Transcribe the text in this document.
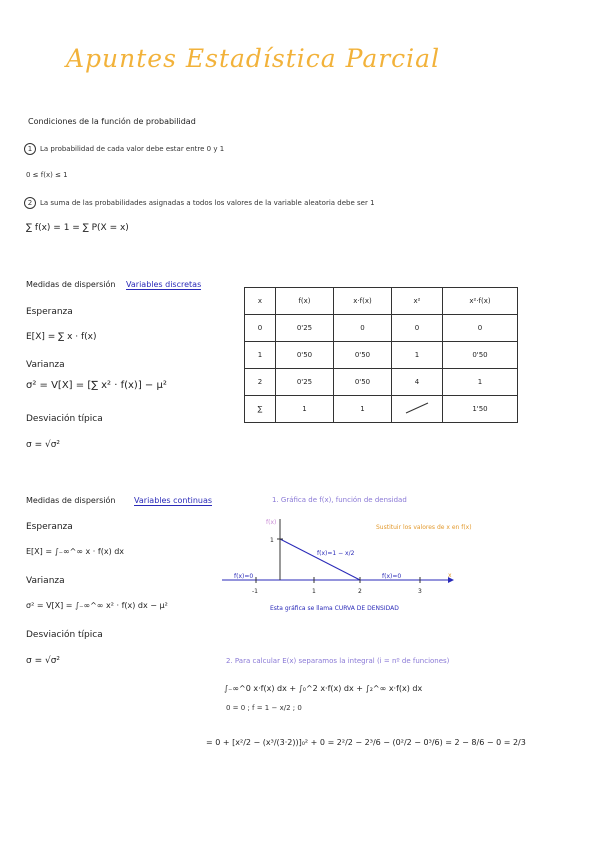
Apuntes Estadística Parcial
Condiciones de la función de probabilidad
1 La probabilidad de cada valor debe estar entre 0 y 1
0 ≤ f(x) ≤ 1
2 La suma de las probabilidades asignadas a todos los valores de la variable aleatoria debe ser 1
∑ f(x) = 1 = ∑ P(X = x)
Medidas de dispersión Variables discretas
Esperanza
E[X] = ∑ x · f(x)
Varianza
σ² = V[X] = [∑ x² · f(x)] − μ²
Desviación típica
σ = √σ²
x	f(x)	x·f(x)	x²	x²·f(x)
0	0'25	0	0	0
1	0'50	0'50	1	0'50
2	0'25	0'50	4	1
∑	1	1		1'50
Medidas de dispersión Variables continuas	1. Gráfica de f(x), función de densidad
Sustituir los valores de x en f(x)
Esperanza
E[X] = ∫₋∞^∞ x · f(x) dx
Varianza
σ² = V[X] = ∫₋∞^∞ x² · f(x) dx − μ²
Desviación típica
σ = √σ²
f(x)
x
1
-1	1	2	3
f(x)=0
f(x)=1 − x/2
f(x)=0
Esta gráfica se llama CURVA DE DENSIDAD
2. Para calcular E(x) separamos la integral (i = nº de funciones)
∫₋∞^0 x·f(x) dx + ∫₀^2 x·f(x) dx + ∫₂^∞ x·f(x) dx
0 = 0 ; f = 1 − x/2 ; 0
= 0 + [x²/2 − (x³/(3·2))]₀² + 0 = 2²/2 − 2³/6 − (0²/2 − 0³/6) = 2 − 8/6 − 0 = 2/3
